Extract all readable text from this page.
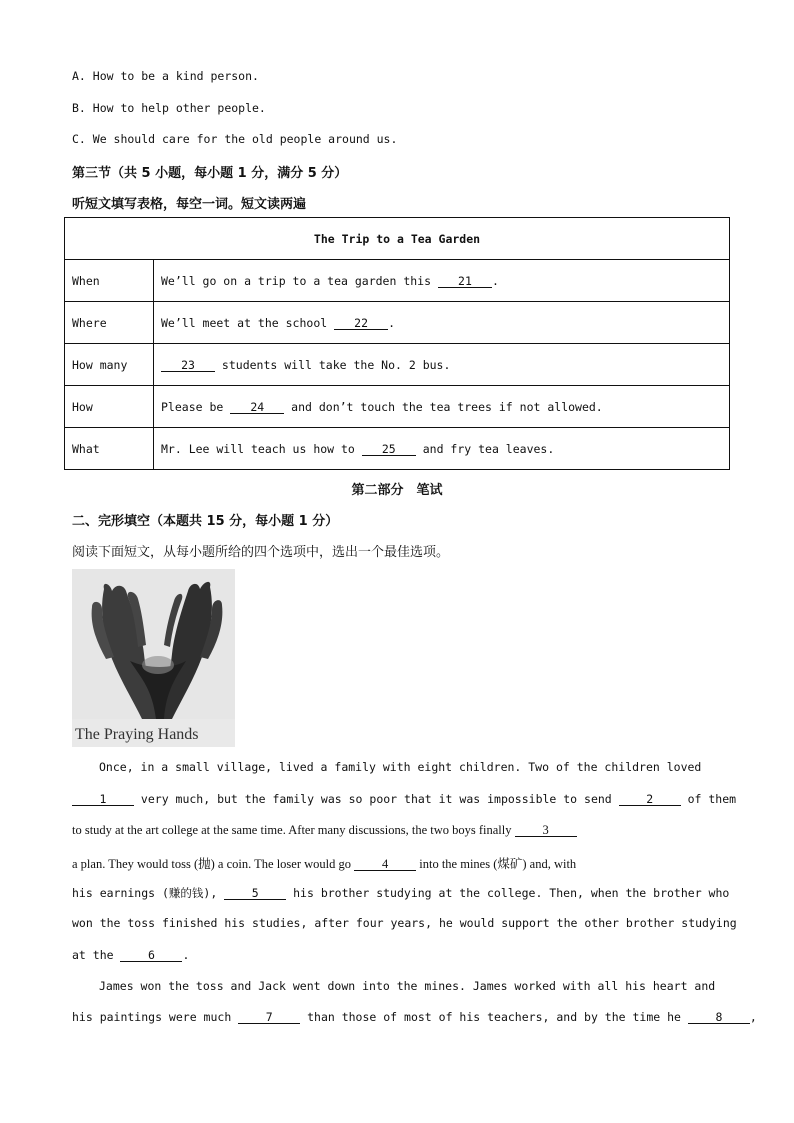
A. How to be a kind person.
B. How to help other people.
C. We should care for the old people around us.
第三节（共 5 小题，每小题 1 分，满分 5 分）
听短文填写表格，每空一词。短文读两遍
The Trip to a Tea Garden	
When	We’ll go on a trip to a tea garden this 21 .
Where	We’ll meet at the school 22 .
How many	23 students will take the No. 2 bus.
How	Please be 24 and don’t touch the tea trees if not allowed.
What	Mr. Lee will teach us how to 25 and fry tea leaves.
第二部分　笔试
二、完形填空（本题共 15 分，每小题 1 分）
阅读下面短文，从每小题所给的四个选项中，选出一个最佳选项。
The Praying Hands
Once, in a small village, lived a family with eight children. Two of the children loved
1 very much, but the family was so poor that it was impossible to send 2 of them
to study at the art college at the same time. After many discussions, the two boys finally 3
a plan. They would toss (抛) a coin. The loser would go 4 into the mines (煤矿) and, with
his earnings (赚的钱), 5 his brother studying at the college. Then, when the brother who
won the toss finished his studies, after four years, he would support the other brother studying
at the 6 .
James won the toss and Jack went down into the mines. James worked with all his heart and
his paintings were much 7 than those of most of his teachers, and by the time he 8 ,
